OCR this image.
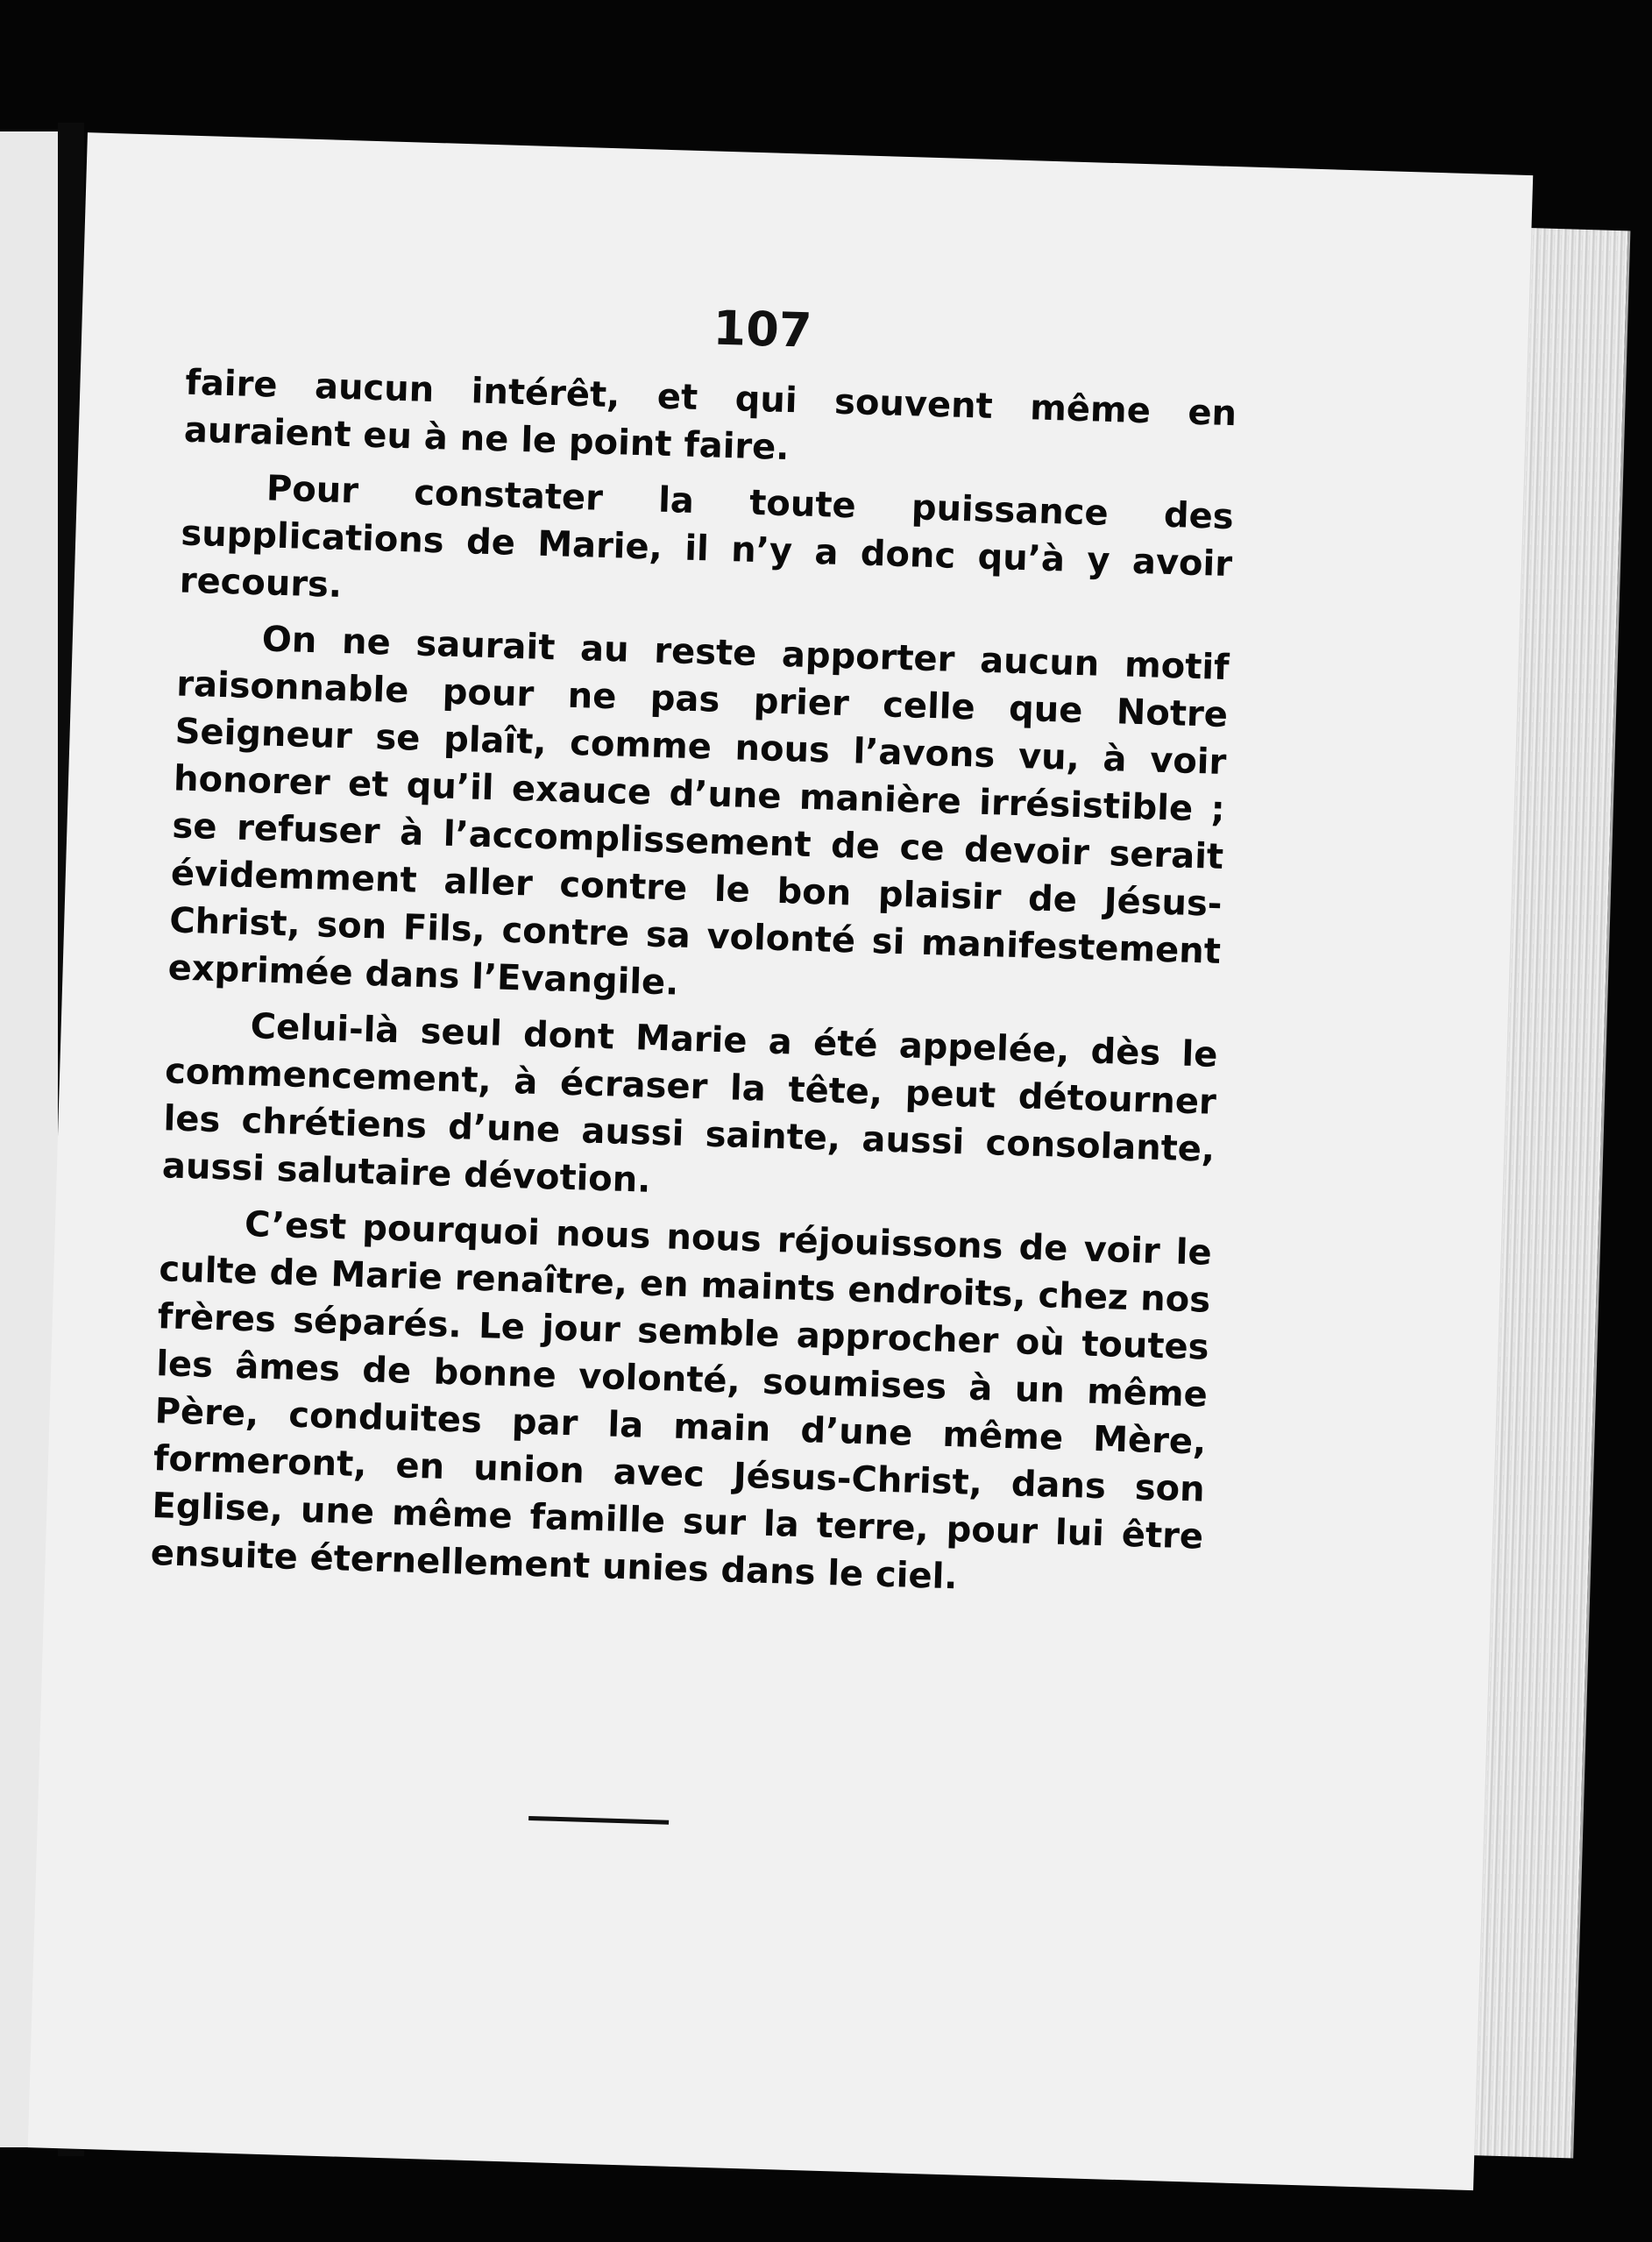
107

faire aucun intérêt, et qui souvent même en auraient eu à ne le point faire.

Pour constater la toute puissance des supplications de Marie, il n’y a donc qu’à y avoir recours.

On ne saurait au reste apporter aucun motif raisonnable pour ne pas prier celle que Notre Seigneur se plaît, comme nous l’avons vu, à voir honorer et qu’il exauce d’une manière irrésistible ; se refuser à l’accomplissement de ce devoir serait évidemment aller contre le bon plaisir de Jésus-Christ, son Fils, contre sa volonté si manifestement exprimée dans l’Evangile.

Celui-là seul dont Marie a été appelée, dès le commencement, à écraser la tête, peut détourner les chrétiens d’une aussi sainte, aussi consolante, aussi salutaire dévotion.

C’est pourquoi nous nous réjouissons de voir le culte de Marie renaître, en maints endroits, chez nos frères séparés. Le jour semble approcher où toutes les âmes de bonne volonté, soumises à un même Père, conduites par la main d’une même Mère, formeront, en union avec Jésus-Christ, dans son Eglise, une même famille sur la terre, pour lui être ensuite éternellement unies dans le ciel.
